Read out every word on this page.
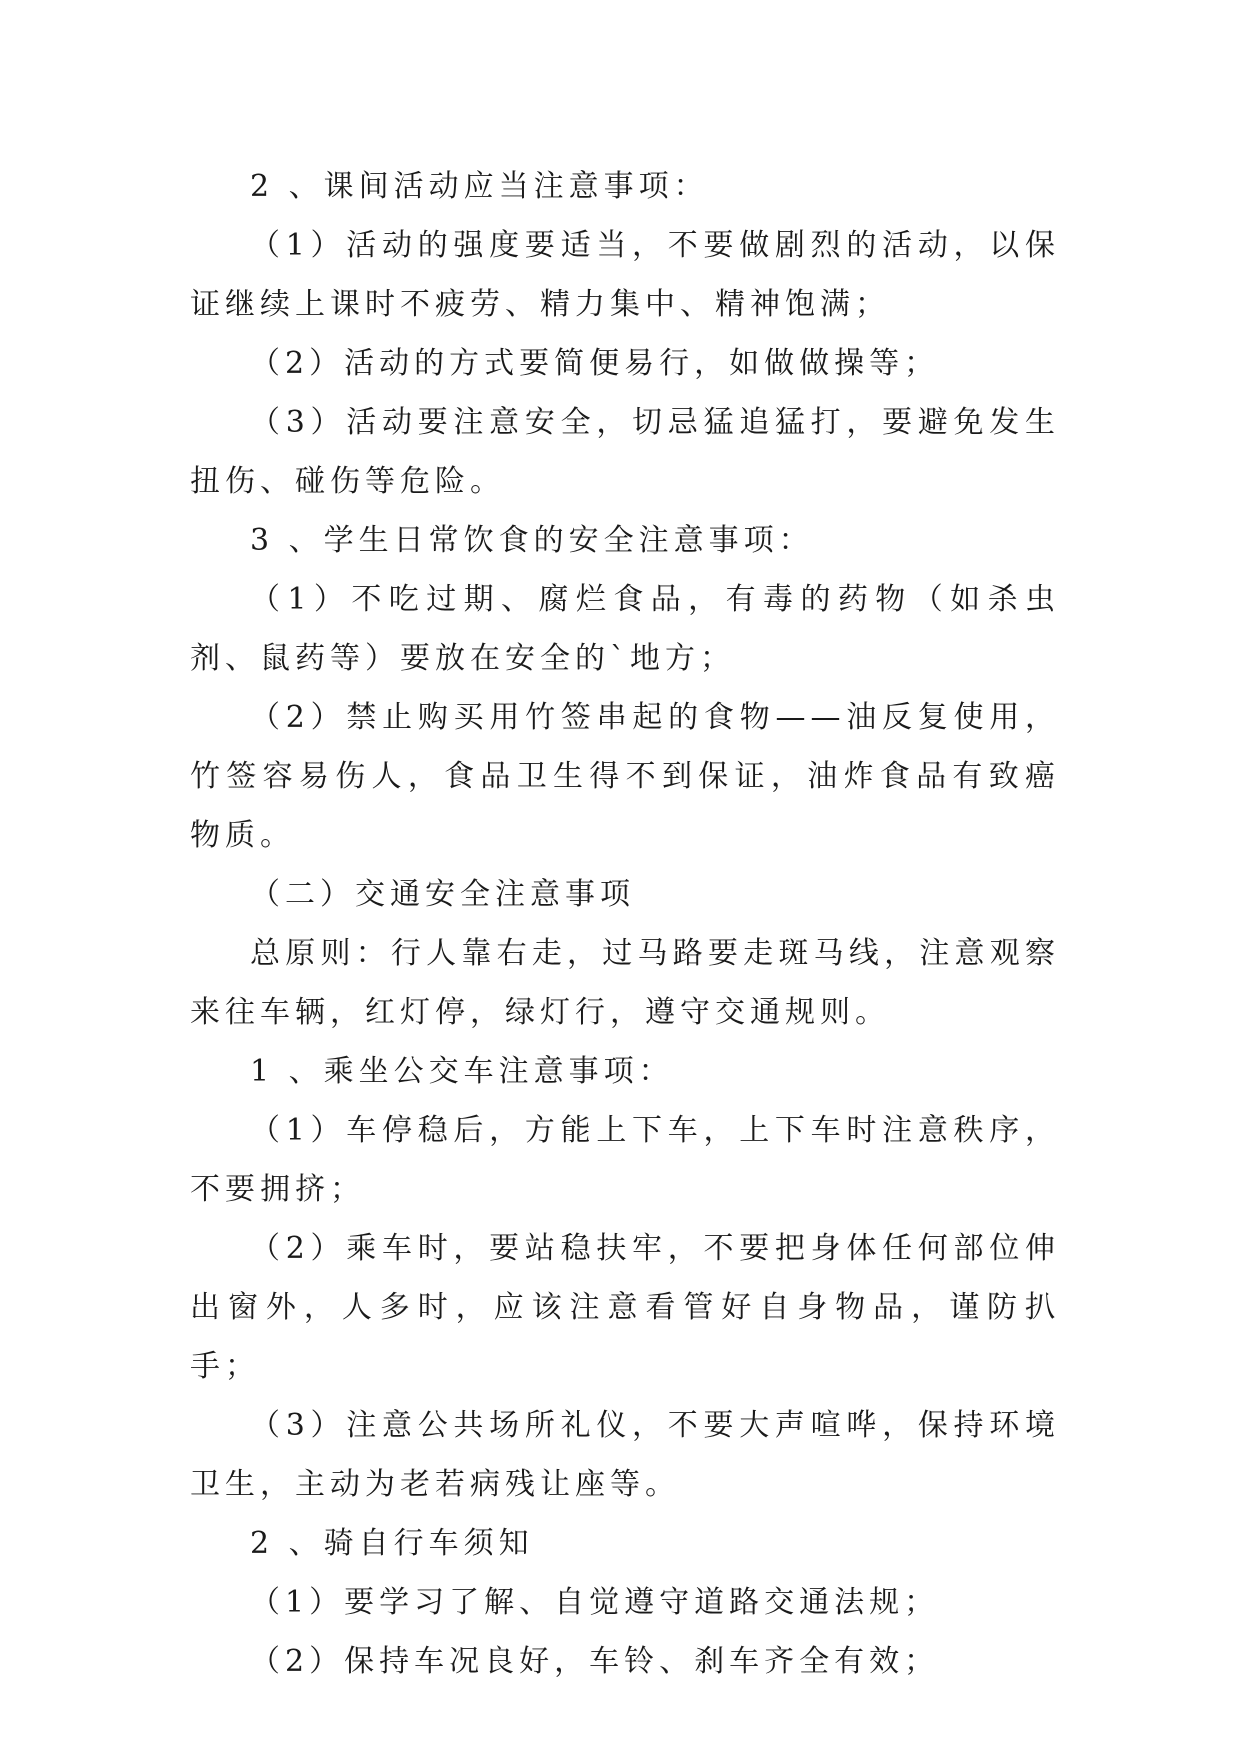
2 、课间活动应当注意事项：

（1）活动的强度要适当，不要做剧烈的活动，以保证继续上课时不疲劳、精力集中、精神饱满；

（2）活动的方式要简便易行，如做做操等；

（3）活动要注意安全，切忌猛追猛打，要避免发生扭伤、碰伤等危险。

3 、学生日常饮食的安全注意事项：

（1）不吃过期、腐烂食品，有毒的药物（如杀虫剂、鼠药等）要放在安全的`地方；

（2）禁止购买用竹签串起的食物——油反复使用，竹签容易伤人，食品卫生得不到保证，油炸食品有致癌物质。

（二）交通安全注意事项

总原则：行人靠右走，过马路要走斑马线，注意观察来往车辆，红灯停，绿灯行，遵守交通规则。

1 、乘坐公交车注意事项：

（1）车停稳后，方能上下车，上下车时注意秩序，不要拥挤；

（2）乘车时，要站稳扶牢，不要把身体任何部位伸出窗外，人多时，应该注意看管好自身物品，谨防扒手；

（3）注意公共场所礼仪，不要大声喧哗，保持环境卫生，主动为老若病残让座等。

2 、骑自行车须知

（1）要学习了解、自觉遵守道路交通法规；

（2）保持车况良好，车铃、刹车齐全有效；
